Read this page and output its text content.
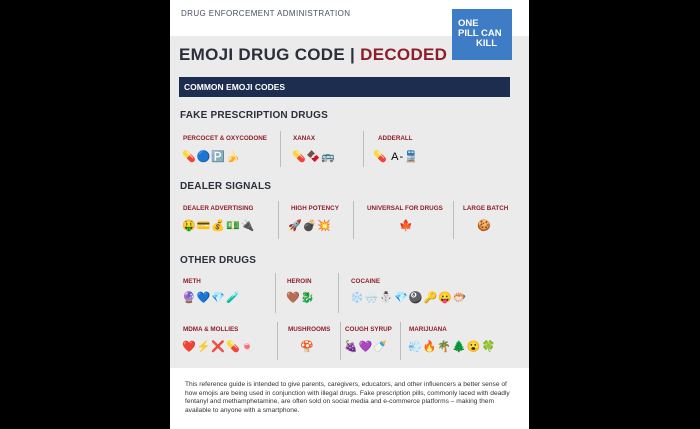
DRUG ENFORCEMENT ADMINISTRATION
ONE
PILL CAN
KILL
EMOJI DRUG CODE | DECODED
COMMON EMOJI CODES
FAKE PRESCRIPTION DRUGS
PERCOCET & OXYCODONE
💊🔵🅿️🍌
XANAX
💊🍫🚌
ADDERALL
💊 A-🚆
DEALER SIGNALS
DEALER ADVERTISING
🤑💳💰💵🔌
HIGH POTENCY
🚀💣💥
UNIVERSAL FOR DRUGS
🍁
LARGE BATCH
🍪
OTHER DRUGS
METH
🔮💙💎🧪
HEROIN
🤎🐉
COCAINE
❄️🌨️⛄💎🎱🔑😛🐡
MDMA & MOLLIES
❤️⚡❌💊🍬
MUSHROOMS
🍄
COUGH SYRUP
🍇💜🍼
MARIJUANA
💨🔥🌴🌲😮🍀

This reference guide is intended to give parents, caregivers, educators, and other influencers a better sense of how emojis are being used in conjunction with illegal drugs. Fake prescription pills, commonly laced with deadly fentanyl and methamphetamine, are often sold on social media and e-commerce platforms – making them available to anyone with a smartphone.
